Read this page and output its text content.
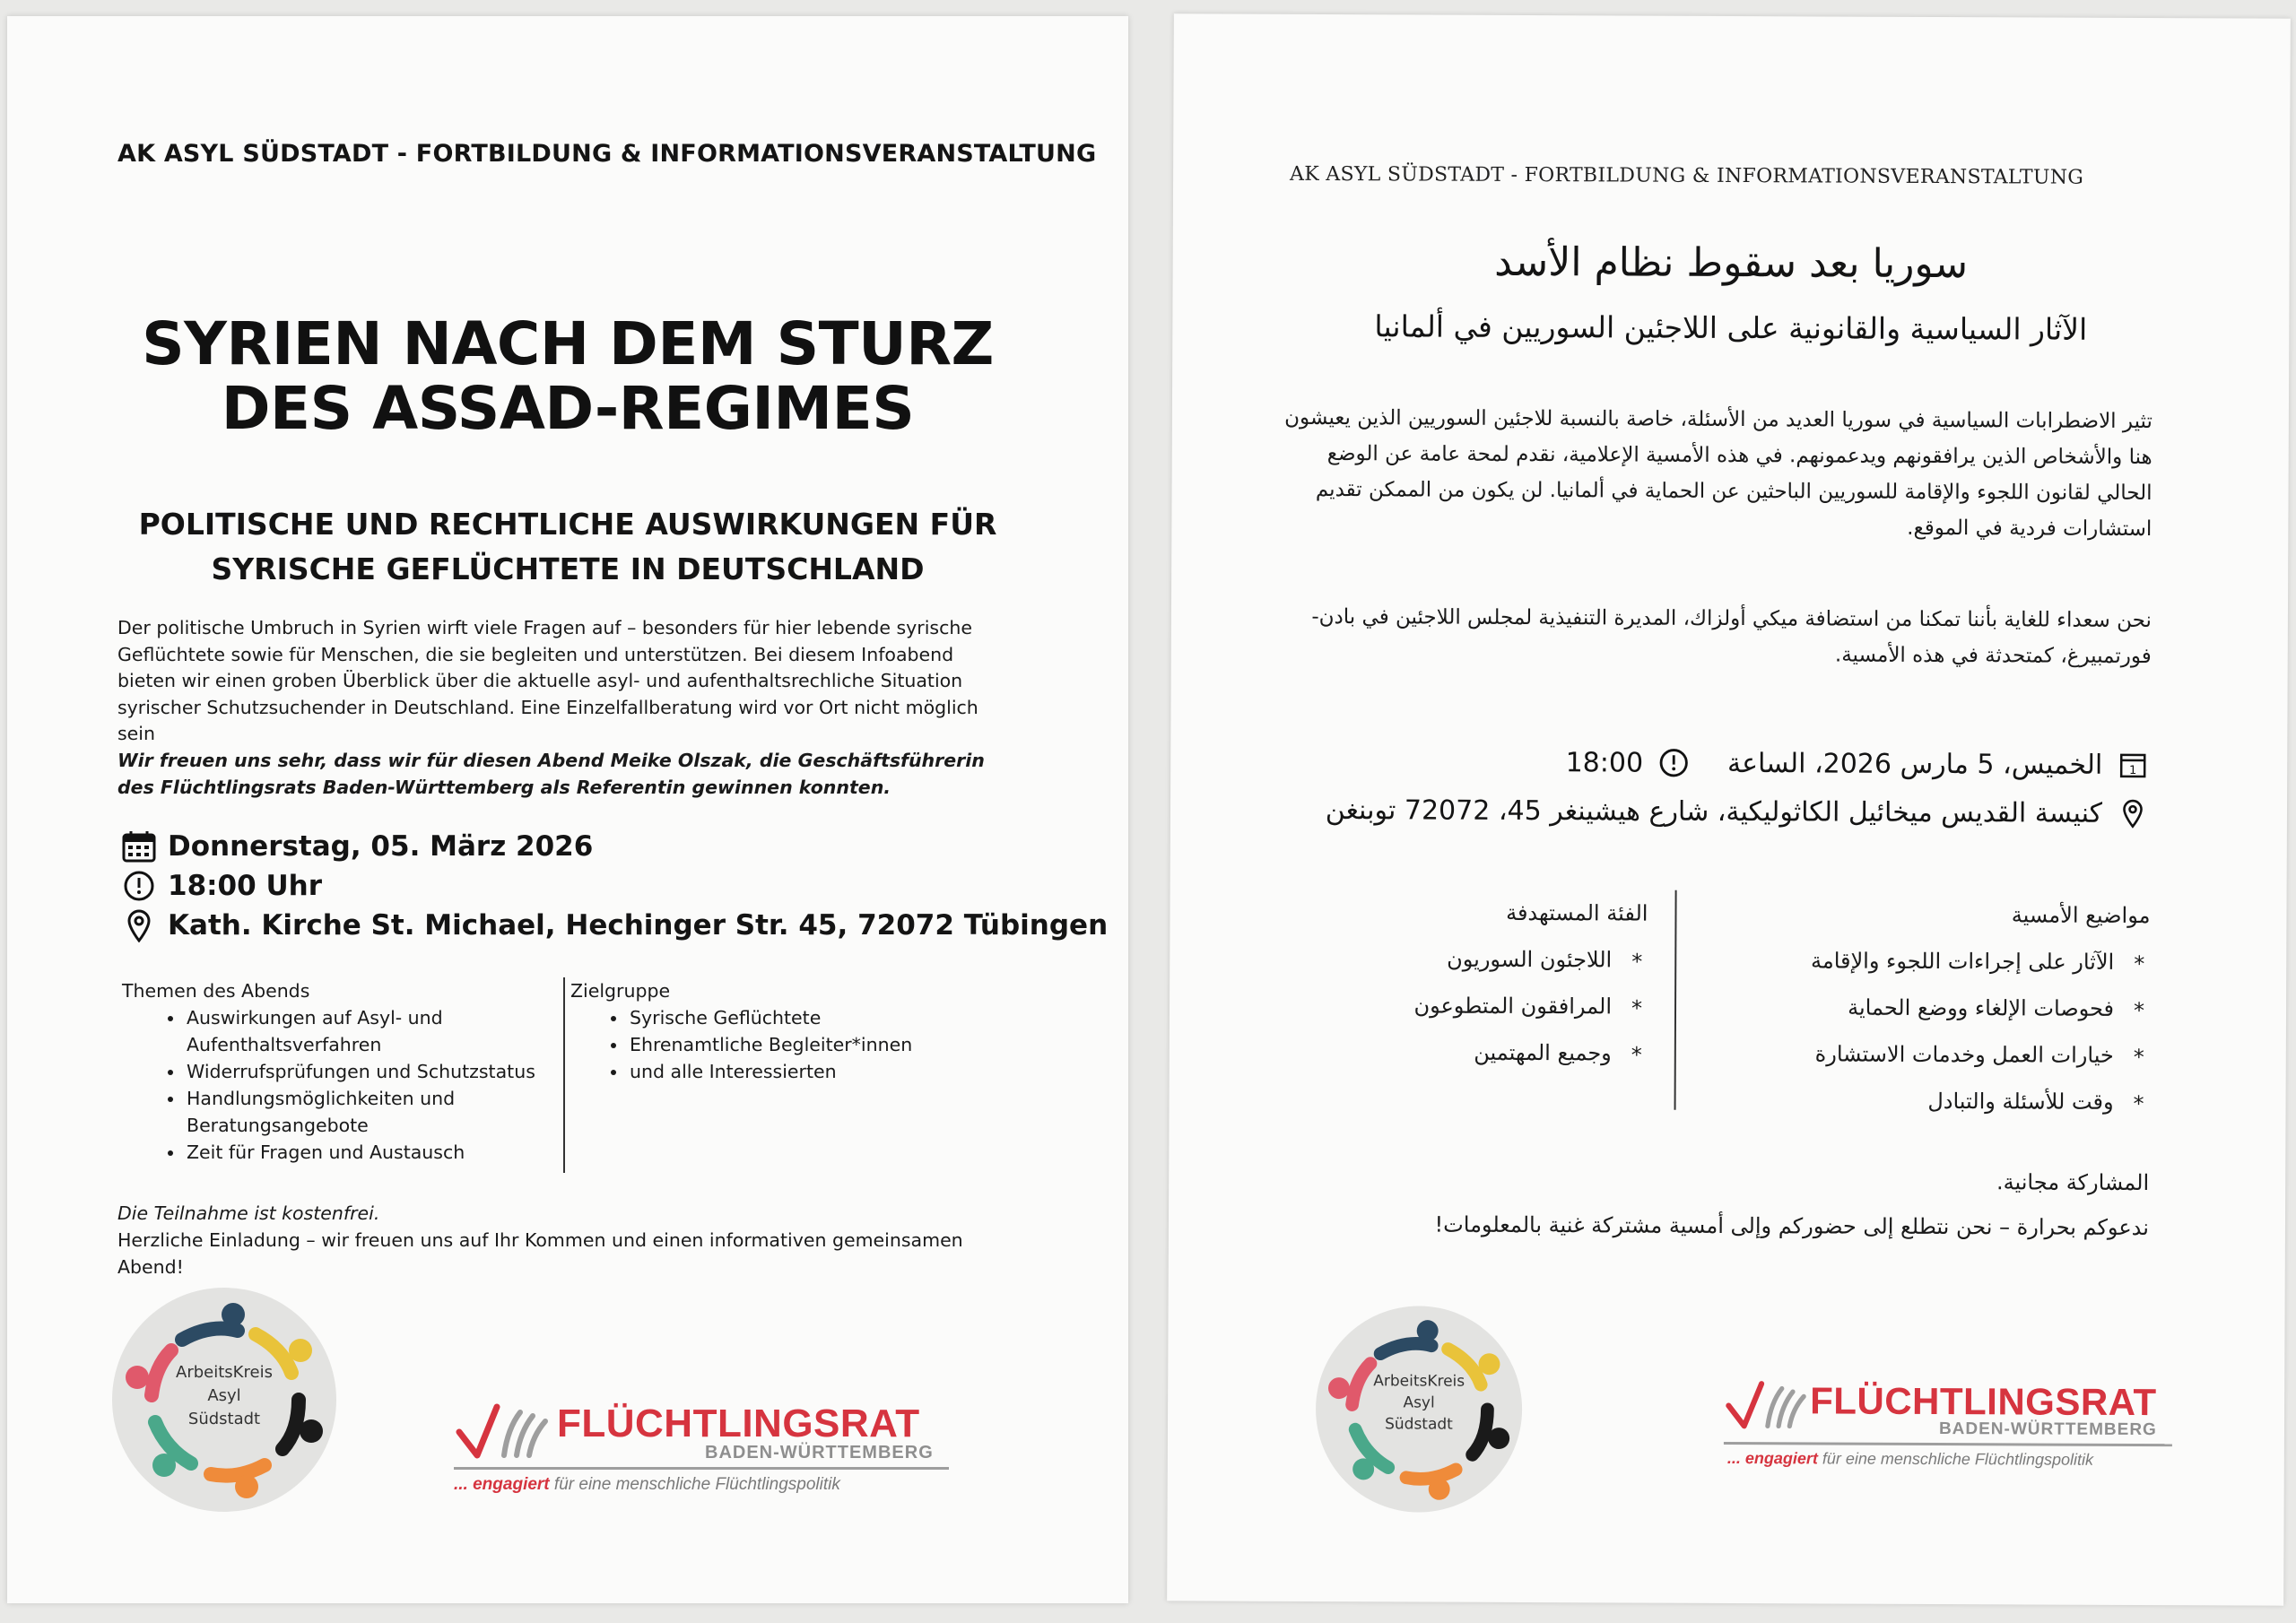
AK ASYL SÜDSTADT - FORTBILDUNG & INFORMATIONSVERANSTALTUNG
SYRIEN NACH DEM STURZ
DES ASSAD-REGIMES
POLITISCHE UND RECHTLICHE AUSWIRKUNGEN FÜR
SYRISCHE GEFLÜCHTETE IN DEUTSCHLAND
Der politische Umbruch in Syrien wirft viele Fragen auf – besonders für hier lebende syrische Geflüchtete sowie für Menschen, die sie begleiten und unterstützen. Bei diesem Infoabend bieten wir einen groben Überblick über die aktuelle asyl- und aufenthaltsrechliche Situation syrischer Schutzsuchender in Deutschland. Eine Einzelfallberatung wird vor Ort nicht möglich sein
Wir freuen uns sehr, dass wir für diesen Abend Meike Olszak, die Geschäftsführerin des Flüchtlingsrats Baden-Württemberg als Referentin gewinnen konnten.
Donnerstag, 05. März 2026
18:00 Uhr
Kath. Kirche St. Michael, Hechinger Str. 45, 72072 Tübingen

Themen des Abends

• Auswirkungen auf Asyl- und Aufenthaltsverfahren
• Widerrufsprüfungen und Schutzstatus
• Handlungsmöglichkeiten und Beratungsangebote
• Zeit für Fragen und Austausch

Zielgruppe

• Syrische Geflüchtete
• Ehrenamtliche Begleiter*innen
• und alle Interessierten
Die Teilnahme ist kostenfrei.
Herzliche Einladung – wir freuen uns auf Ihr Kommen und einen informativen gemeinsamen Abend!
ArbeitsKreis
Asyl
Südstadt	FLÜCHTLINGSRAT
BADEN-WÜRTTEMBERG
... engagiert für eine menschliche Flüchtlingspolitik
AK ASYL SÜDSTADT - FORTBILDUNG & INFORMATIONSVERANSTALTUNG
سوريا بعد سقوط نظام الأسد
الآثار السياسية والقانونية على اللاجئين السوريين في ألمانيا
تثير الاضطرابات السياسية في سوريا العديد من الأسئلة، خاصة بالنسبة للاجئين السوريين الذين يعيشون هنا والأشخاص الذين يرافقونهم ويدعمونهم. في هذه الأمسية الإعلامية، نقدم لمحة عامة عن الوضع الحالي لقانون اللجوء والإقامة للسوريين الباحثين عن الحماية في ألمانيا. لن يكون من الممكن تقديم استشارات فردية في الموقع.
نحن سعداء للغاية بأننا تمكنا من استضافة ميكي أولزاك، المديرة التنفيذية لمجلس اللاجئين في بادن-فورتمبيرغ، كمتحدثة في هذه الأمسية.
1
الخميس، 5 مارس 2026، الساعة
18:00
كنيسة القديس ميخائيل الكاثوليكية، شارع هيشينغر 45، 72072 توبنغن
مواضيع الأمسية
* الآثار على إجراءات اللجوء والإقامة
* فحوصات الإلغاء ووضع الحماية
* خيارات العمل وخدمات الاستشارة
* وقت للأسئلة والتبادل
الفئة المستهدفة
* اللاجئون السوريون
* المرافقون المتطوعون
* وجميع المهتمين
المشاركة مجانية.
ندعوكم بحرارة – نحن نتطلع إلى حضوركم وإلى أمسية مشتركة غنية بالمعلومات!
ArbeitsKreis
Asyl
Südstadt
FLÜCHTLINGSRAT
BADEN-WÜRTTEMBERG
... engagiert für eine menschliche Flüchtlingspolitik
